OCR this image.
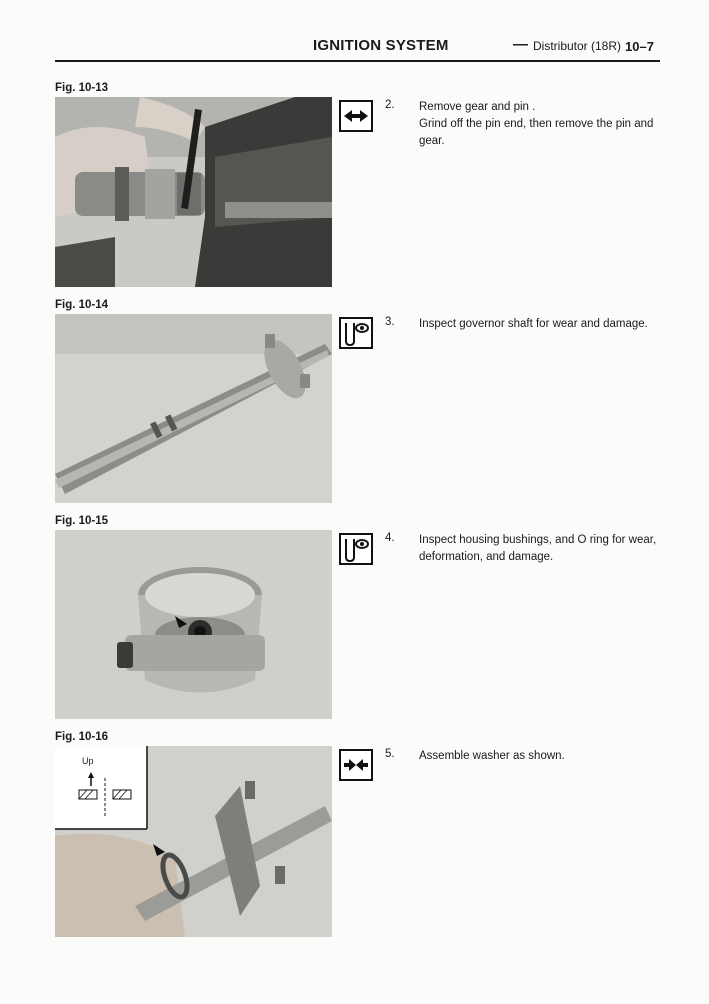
IGNITION SYSTEM	— Distributor (18R) 10–7
Fig. 10-13
2. Remove gear and pin .

Grind off the pin end, then remove the pin and gear.

Fig. 10-14
3. Inspect governor shaft for wear and damage.

Fig. 10-15
4. Inspect housing bushings, and O ring for wear, deformation, and damage.

Fig. 10-16
Up
5. Assemble washer as shown.
